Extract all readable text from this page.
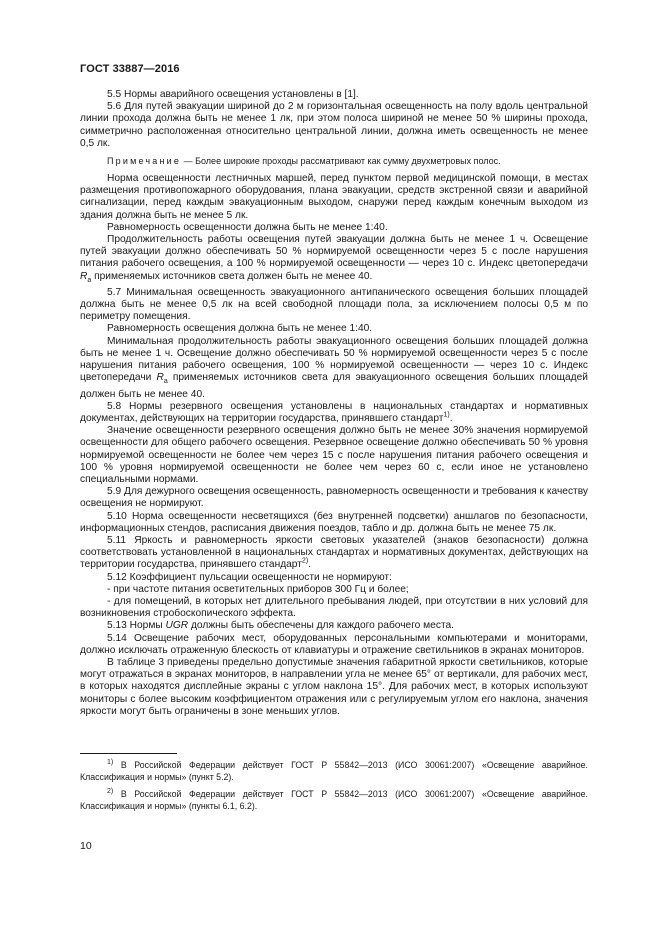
ГОСТ 33887—2016

5.5 Нормы аварийного освещения установлены в [1].

5.6 Для путей эвакуации шириной до 2 м горизонтальная освещенность на полу вдоль центральной линии прохода должна быть не менее 1 лк, при этом полоса шириной не менее 50 % ширины прохода, симметрично расположенная относительно центральной линии, должна иметь освещенность не менее 0,5 лк.

Примечание — Более широкие проходы рассматривают как сумму двухметровых полос.

Норма освещенности лестничных маршей, перед пунктом первой медицинской помощи, в местах размещения противопожарного оборудования, плана эвакуации, средств экстренной связи и аварийной сигнализации, перед каждым эвакуационным выходом, снаружи перед каждым конечным выходом из здания должна быть не менее 5 лк.

Равномерность освещенности должна быть не менее 1:40.

Продолжительность работы освещения путей эвакуации должна быть не менее 1 ч. Освещение путей эвакуации должно обеспечивать 50 % нормируемой освещенности через 5 с после нарушения питания рабочего освещения, а 100 % нормируемой освещенности — через 10 с. Индекс цветопередачи $R_a$ применяемых источников света должен быть не менее 40.

5.7 Минимальная освещенность эвакуационного антипанического освещения больших площадей должна быть не менее 0,5 лк на всей свободной площади пола, за исключением полосы 0,5 м по периметру помещения.

Равномерность освещения должна быть не менее 1:40.

Минимальная продолжительность работы эвакуационного освещения больших площадей должна быть не менее 1 ч. Освещение должно обеспечивать 50 % нормируемой освещенности через 5 с после нарушения питания рабочего освещения, 100 % нормируемой освещенности — через 10 с. Индекс цветопередачи $R_a$ применяемых источников света для эвакуационного освещения больших площадей должен быть не менее 40.

5.8 Нормы резервного освещения установлены в национальных стандартах и нормативных документах, действующих на территории государства, принявшего стандарт$^{1)}$.

Значение освещенности резервного освещения должно быть не менее 30% значения нормируемой освещенности для общего рабочего освещения. Резервное освещение должно обеспечивать 50 % уровня нормируемой освещенности не более чем через 15 с после нарушения питания рабочего освещения и 100 % уровня нормируемой освещенности не более чем через 60 с, если иное не установлено специальными нормами.

5.9 Для дежурного освещения освещенность, равномерность освещенности и требования к качеству освещения не нормируют.

5.10 Норма освещенности несветящихся (без внутренней подсветки) аншлагов по безопасности, информационных стендов, расписания движения поездов, табло и др. должна быть не менее 75 лк.

5.11 Яркость и равномерность яркости световых указателей (знаков безопасности) должна соответствовать установленной в национальных стандартах и нормативных документах, действующих на территории государства, принявшего стандарт$^{2)}$.

5.12 Коэффициент пульсации освещенности не нормируют:

- при частоте питания осветительных приборов 300 Гц и более;

- для помещений, в которых нет длительного пребывания людей, при отсутствии в них условий для возникновения стробоскопического эффекта.

5.13 Нормы UGR должны быть обеспечены для каждого рабочего места.

5.14 Освещение рабочих мест, оборудованных персональными компьютерами и мониторами, должно исключать отраженную блескость от клавиатуры и отражение светильников в экранах мониторов.

В таблице 3 приведены предельно допустимые значения габаритной яркости светильников, которые могут отражаться в экранах мониторов, в направлении угла не менее 65° от вертикали, для рабочих мест, в которых находятся дисплейные экраны с углом наклона 15°. Для рабочих мест, в которых используют мониторы с более высоким коэффициентом отражения или с регулируемым углом его наклона, значения яркости могут быть ограничены в зоне меньших углов.

$^{1)}$ В Российской Федерации действует ГОСТ Р 55842—2013 (ИСО 30061:2007) «Освещение аварийное. Классификация и нормы» (пункт 5.2).

$^{2)}$ В Российской Федерации действует ГОСТ Р 55842—2013 (ИСО 30061:2007) «Освещение аварийное. Классификация и нормы» (пункты 6.1, 6.2).

10
